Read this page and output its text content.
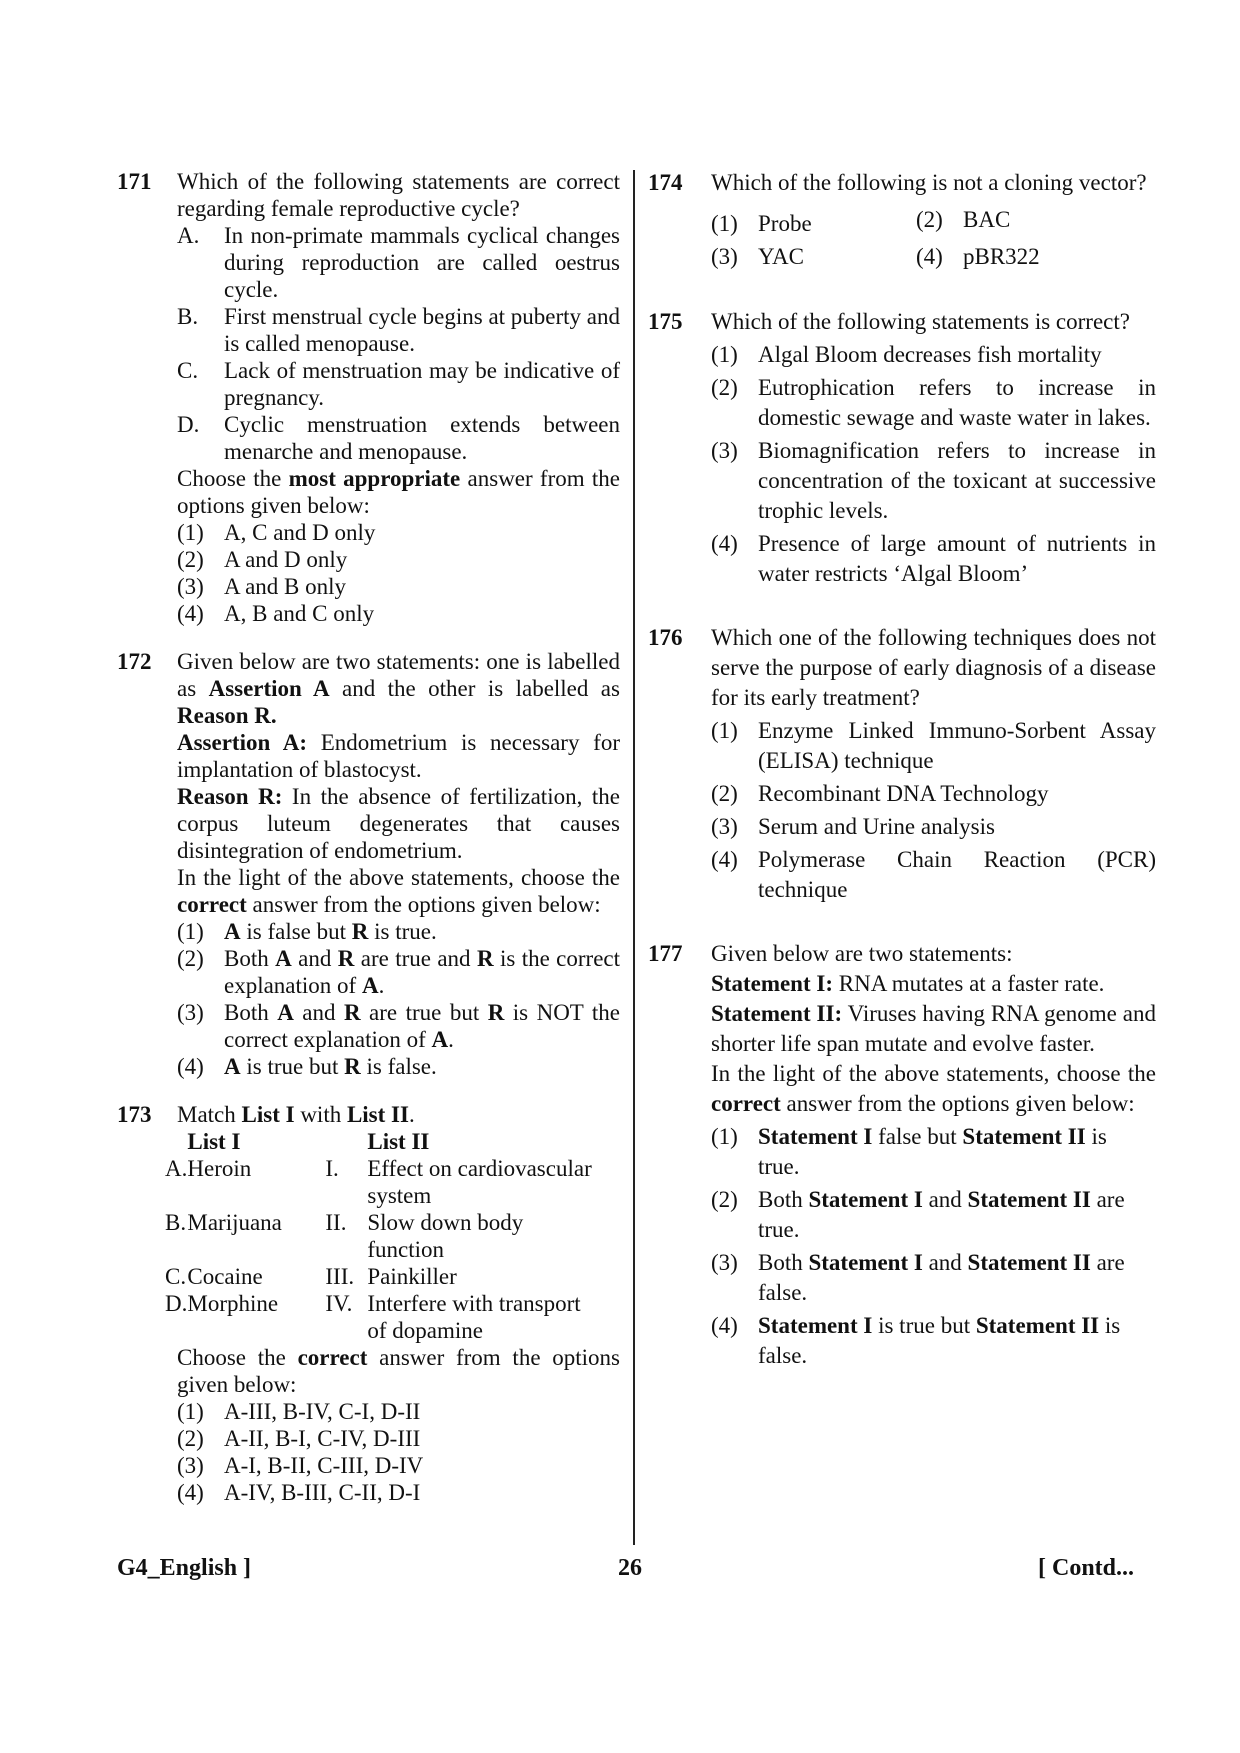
171 Which of the following statements are correct regarding female reproductive cycle?
A. In non-primate mammals cyclical changes during reproduction are called oestrus cycle.
B. First menstrual cycle begins at puberty and is called menopause.
C. Lack of menstruation may be indicative of pregnancy.
D. Cyclic menstruation extends between menarche and menopause.
Choose the most appropriate answer from the options given below:
(1) A, C and D only
(2) A and D only
(3) A and B only
(4) A, B and C only
172 Given below are two statements: one is labelled as Assertion A and the other is labelled as Reason R.
Assertion A: Endometrium is necessary for implantation of blastocyst.
Reason R: In the absence of fertilization, the corpus luteum degenerates that causes disintegration of endometrium.
In the light of the above statements, choose the correct answer from the options given below:
(1) A is false but R is true.
(2) Both A and R are true and R is the correct explanation of A.
(3) Both A and R are true but R is NOT the correct explanation of A.
(4) A is true but R is false.
173 Match List I with List II.
	List I		List II
A.	Heroin	I.	Effect on cardiovascular system
B.	Marijuana	II.	Slow down body function
C.	Cocaine	III.	Painkiller
D.	Morphine	IV.	Interfere with transport of dopamine
Choose the correct answer from the options given below:
(1) A-III, B-IV, C-I, D-II
(2) A-II, B-I, C-IV, D-III
(3) A-I, B-II, C-III, D-IV
(4) A-IV, B-III, C-II, D-I
174 Which of the following is not a cloning vector?
(1) Probe	(2) BAC
(3) YAC	(4) pBR322
175 Which of the following statements is correct?
(1) Algal Bloom decreases fish mortality
(2) Eutrophication refers to increase in domestic sewage and waste water in lakes.
(3) Biomagnification refers to increase in concentration of the toxicant at successive trophic levels.
(4) Presence of large amount of nutrients in water restricts ‘Algal Bloom’
176 Which one of the following techniques does not serve the purpose of early diagnosis of a disease for its early treatment?
(1) Enzyme Linked Immuno-Sorbent Assay (ELISA) technique
(2) Recombinant DNA Technology
(3) Serum and Urine analysis
(4) Polymerase Chain Reaction (PCR) technique
177 Given below are two statements:
Statement I: RNA mutates at a faster rate.
Statement II: Viruses having RNA genome and shorter life span mutate and evolve faster.
In the light of the above statements, choose the correct answer from the options given below:
(1) Statement I false but Statement II is true.
(2) Both Statement I and Statement II are true.
(3) Both Statement I and Statement II are false.
(4) Statement I is true but Statement II is false.
G4_English ]	26	[ Contd...
